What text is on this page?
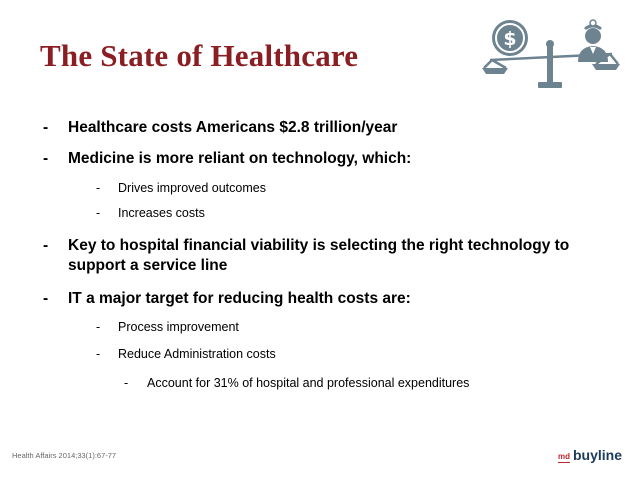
The State of Healthcare	$
- Healthcare costs Americans $2.8 trillion/year
- Medicine is more reliant on technology, which:
- Drives improved outcomes
- Increases costs
- Key to hospital financial viability is selecting the right technology to
support a service line
- IT a major target for reducing health costs are:
- Process improvement
- Reduce Administration costs
- Account for 31% of hospital and professional expenditures
Health Affairs 2014;33(1):67-77	md buyline
